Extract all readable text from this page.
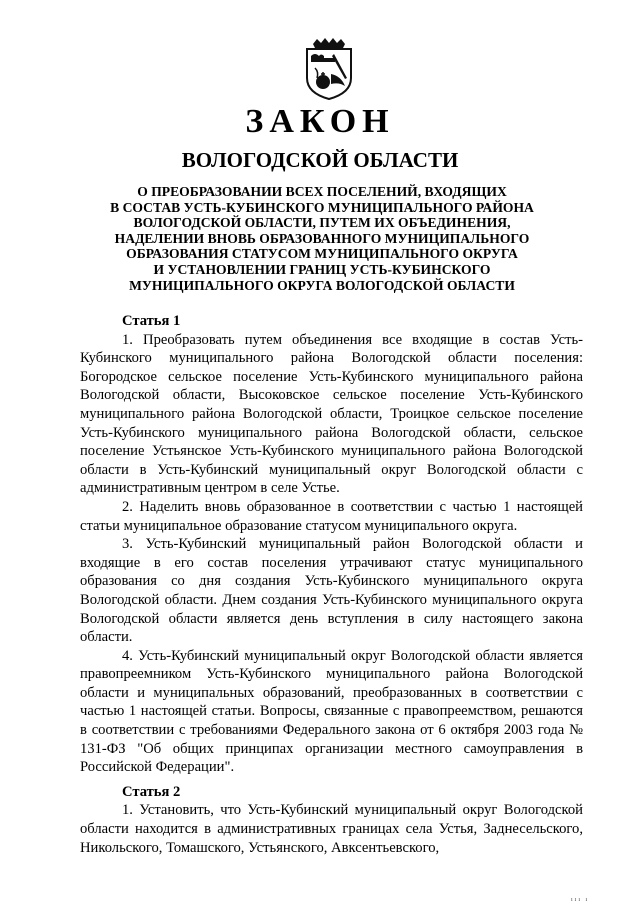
ЗАКОН
ВОЛОГОДСКОЙ ОБЛАСТИ
О ПРЕОБРАЗОВАНИИ ВСЕХ ПОСЕЛЕНИЙ, ВХОДЯЩИХ
В СОСТАВ УСТЬ-КУБИНСКОГО МУНИЦИПАЛЬНОГО РАЙОНА
ВОЛОГОДСКОЙ ОБЛАСТИ, ПУТЕМ ИХ ОБЪЕДИНЕНИЯ,
НАДЕЛЕНИИ ВНОВЬ ОБРАЗОВАННОГО МУНИЦИПАЛЬНОГО
ОБРАЗОВАНИЯ СТАТУСОМ МУНИЦИПАЛЬНОГО ОКРУГА
И УСТАНОВЛЕНИИ ГРАНИЦ УСТЬ-КУБИНСКОГО
МУНИЦИПАЛЬНОГО ОКРУГА ВОЛОГОДСКОЙ ОБЛАСТИ
Статья 1

1. Преобразовать путем объединения все входящие в состав Усть-Кубинского муниципального района Вологодской области поселения: Богородское сельское поселение Усть-Кубинского муниципального района Вологодской области, Высоковское сельское поселение Усть-Кубинского муниципального района Вологодской области, Троицкое сельское поселение Усть-Кубинского муниципального района Вологодской области, сельское поселение Устьянское Усть-Кубинского муниципального района Вологодской области в Усть-Кубинский муниципальный округ Вологодской области с административным центром в селе Устье.

2. Наделить вновь образованное в соответствии с частью 1 настоящей статьи муниципальное образование статусом муниципального округа.

3. Усть-Кубинский муниципальный район Вологодской области и входящие в его состав поселения утрачивают статус муниципального образования со дня создания Усть-Кубинского муниципального округа Вологодской области. Днем создания Усть-Кубинского муниципального округа Вологодской области является день вступления в силу настоящего закона области.

4. Усть-Кубинский муниципальный округ Вологодской области является правопреемником Усть-Кубинского муниципального района Вологодской области и муниципальных образований, преобразованных в соответствии с частью 1 настоящей статьи. Вопросы, связанные с правопреемством, решаются в соответствии с требованиями Федерального закона от 6 октября 2003 года № 131-ФЗ "Об общих принципах организации местного самоуправления в Российской Федерации".

Статья 2

1. Установить, что Усть-Кубинский муниципальный округ Вологодской области находится в административных границах села Устья, Заднесельского, Никольского, Томашского, Устьянского, Авксентьевского,

ııı ı
